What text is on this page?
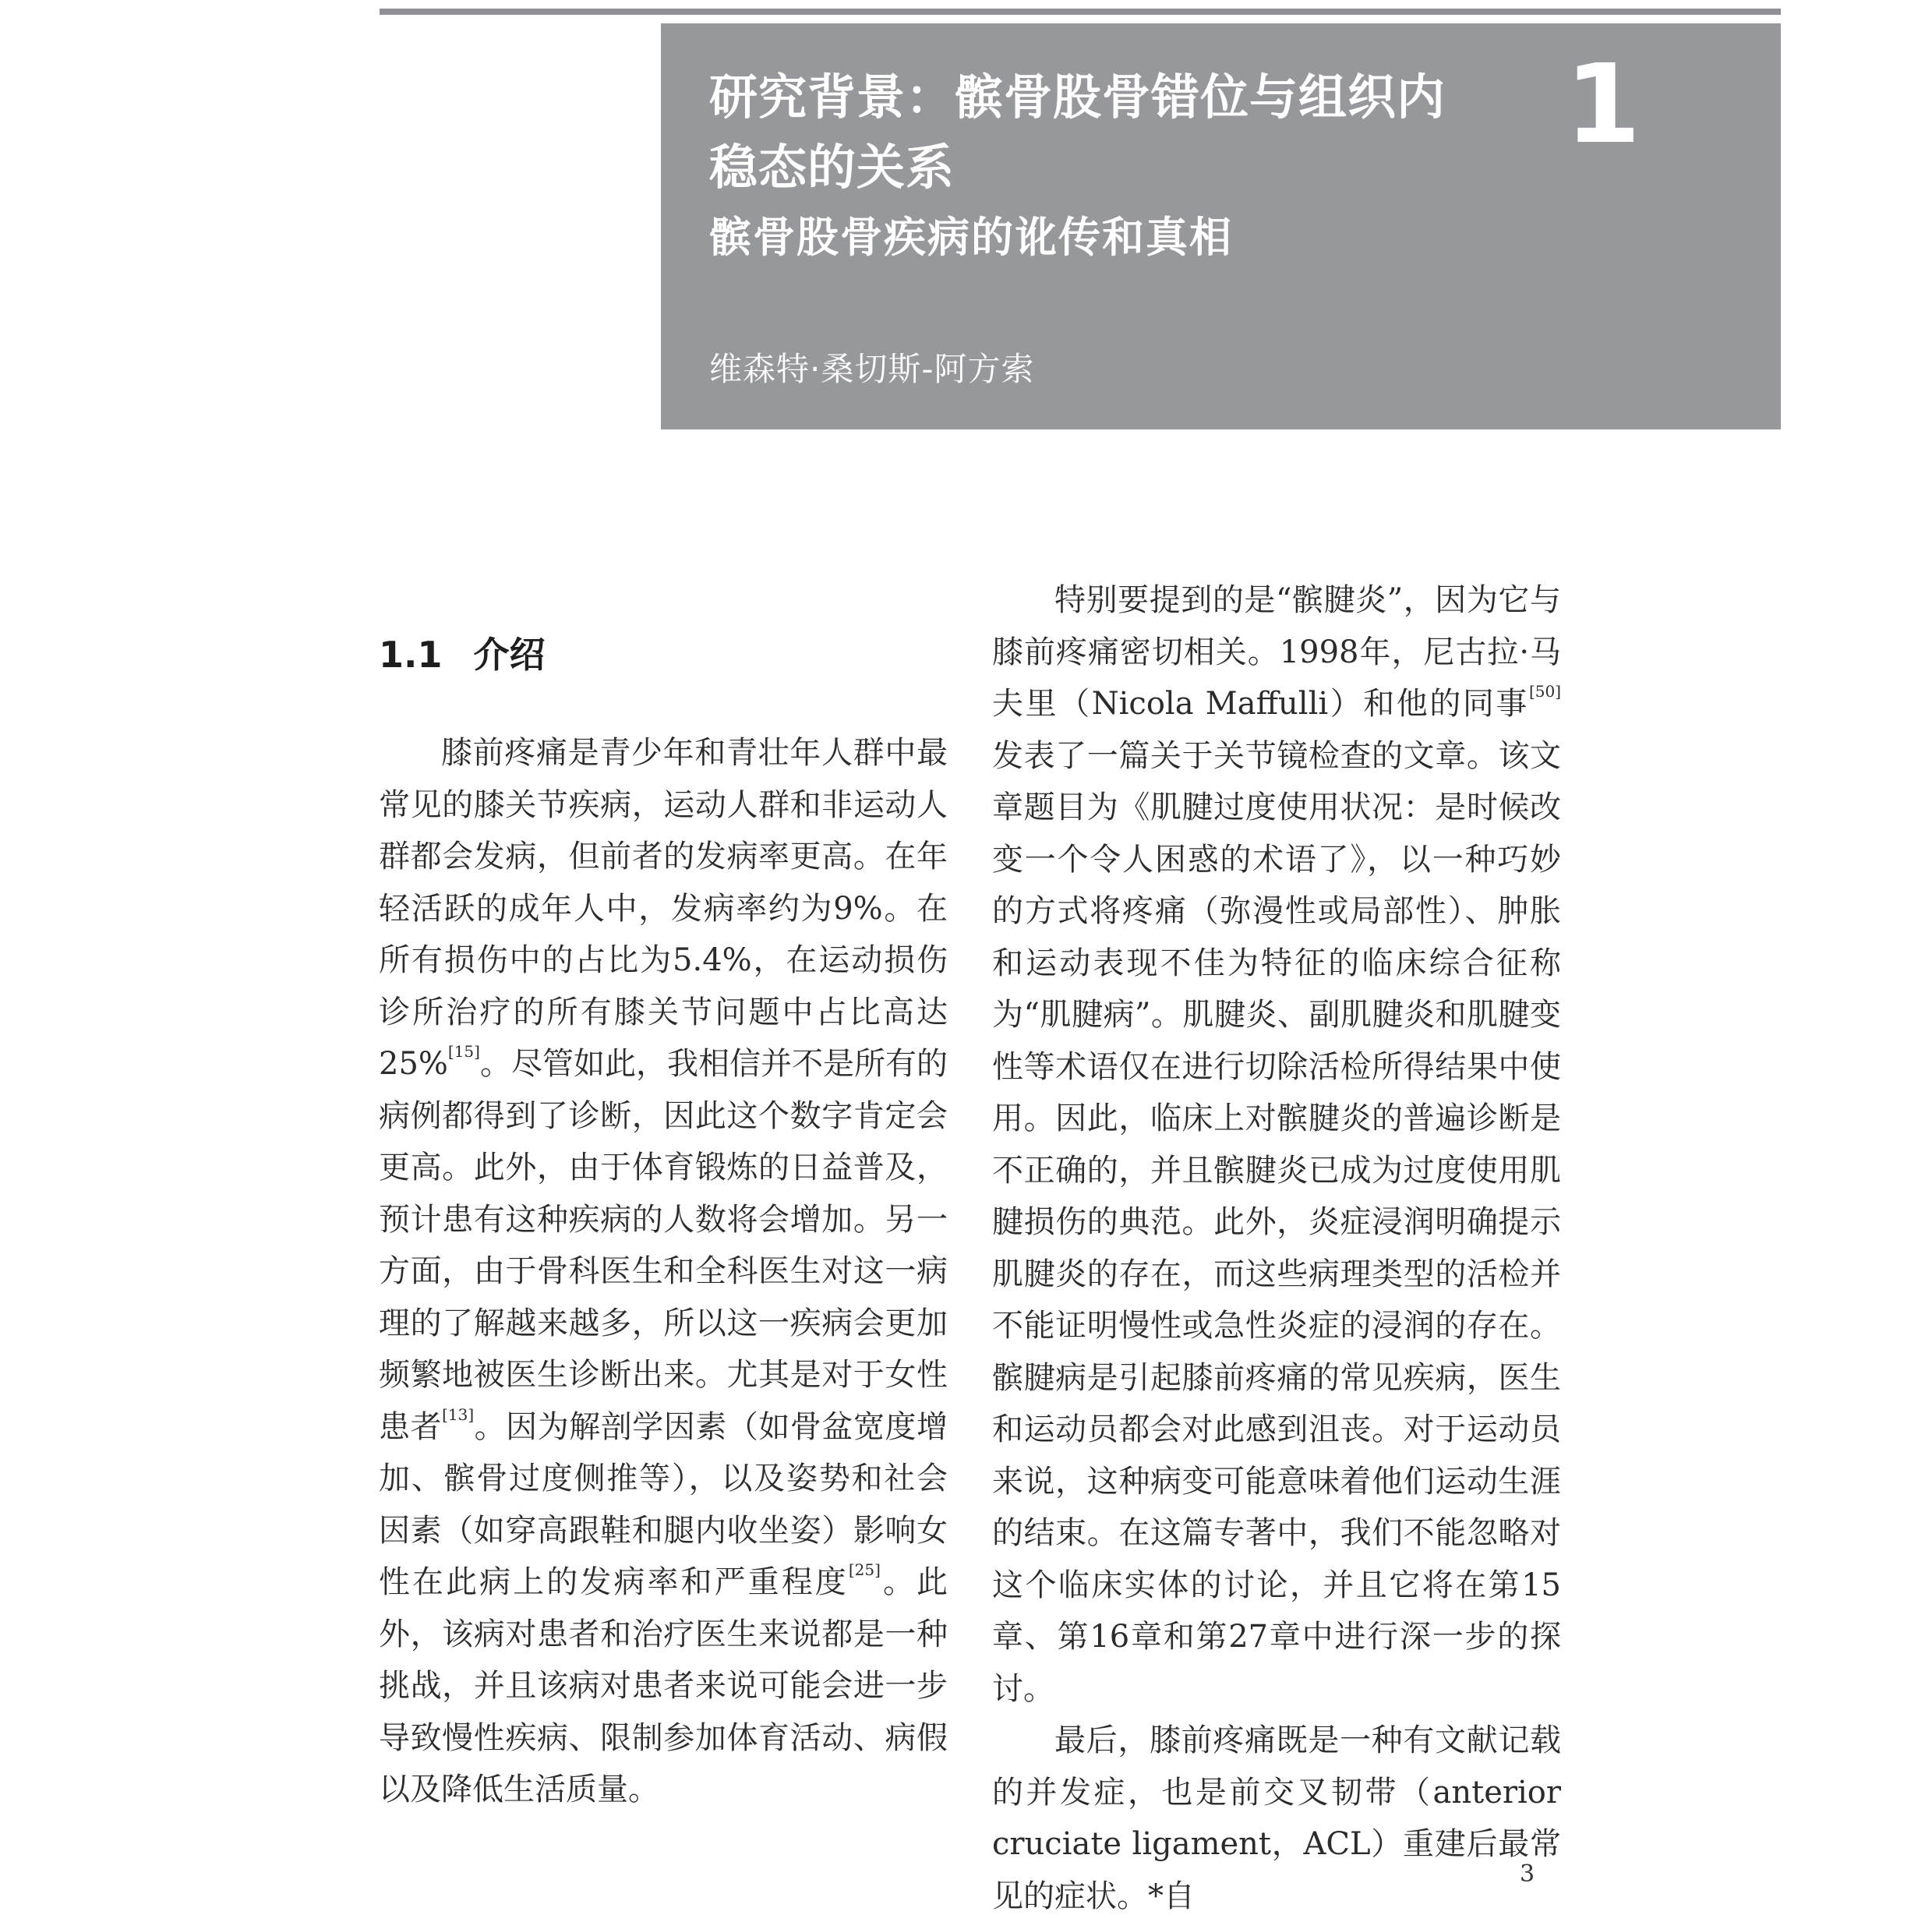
研究背景：髌骨股骨错位与组织内稳态的关系
髌骨股骨疾病的讹传和真相
维森特·桑切斯-阿方索
1
1.1 介绍

膝前疼痛是青少年和青壮年人群中最常见的膝关节疾病，运动人群和非运动人群都会发病，但前者的发病率更高。在年轻活跃的成年人中，发病率约为9%。在所有损伤中的占比为5.4%，在运动损伤诊所治疗的所有膝关节问题中占比高达25%[15]。尽管如此，我相信并不是所有的病例都得到了诊断，因此这个数字肯定会更高。此外，由于体育锻炼的日益普及，预计患有这种疾病的人数将会增加。另一方面，由于骨科医生和全科医生对这一病理的了解越来越多，所以这一疾病会更加频繁地被医生诊断出来。尤其是对于女性患者[13]。因为解剖学因素（如骨盆宽度增加、髌骨过度侧推等），以及姿势和社会因素（如穿高跟鞋和腿内收坐姿）影响女性在此病上的发病率和严重程度[25]。此外，该病对患者和治疗医生来说都是一种挑战，并且该病对患者来说可能会进一步导致慢性疾病、限制参加体育活动、病假以及降低生活质量。

特别要提到的是“髌腱炎”，因为它与膝前疼痛密切相关。1998年，尼古拉·马夫里（Nicola Maffulli）和他的同事[50]发表了一篇关于关节镜检查的文章。该文章题目为《肌腱过度使用状况：是时候改变一个令人困惑的术语了》，以一种巧妙的方式将疼痛（弥漫性或局部性）、肿胀和运动表现不佳为特征的临床综合征称为“肌腱病”。肌腱炎、副肌腱炎和肌腱变性等术语仅在进行切除活检所得结果中使用。因此，临床上对髌腱炎的普遍诊断是不正确的，并且髌腱炎已成为过度使用肌腱损伤的典范。此外，炎症浸润明确提示肌腱炎的存在，而这些病理类型的活检并不能证明慢性或急性炎症的浸润的存在。髌腱病是引起膝前疼痛的常见疾病，医生和运动员都会对此感到沮丧。对于运动员来说，这种病变可能意味着他们运动生涯的结束。在这篇专著中，我们不能忽略对这个临床实体的讨论，并且它将在第15章、第16章和第27章中进行深一步的探讨。

最后，膝前疼痛既是一种有文献记载的并发症，也是前交叉韧带（anterior cruciate ligament，ACL）重建后最常见的症状。*自

3
